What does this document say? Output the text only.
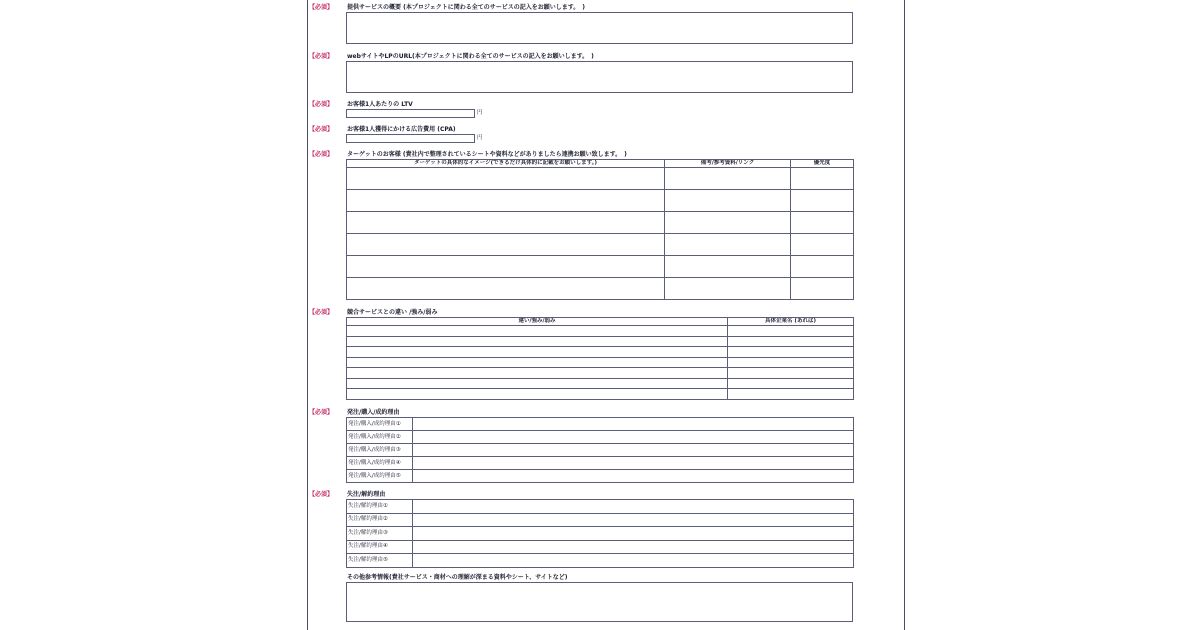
【必須】 提供サービスの概要 (本プロジェクトに関わる全てのサービスの記入をお願いします。　)
【必須】 webサイトやLPのURL(本プロジェクトに関わる全てのサービスの記入をお願いします。　)
【必須】 お客様1人あたりの LTV
円
【必須】 お客様1人獲得にかける広告費用 (CPA)
円
【必須】 ターゲットのお客様 (貴社内で整理されているシートや資料などがありましたら連携お願い致します。　)
ターゲットの具体的なイメージ(できるだけ具体的に記載をお願いします。)	備考/参考資料/リンク	優先度

【必須】 競合サービスとの違い /強み/弱み
違い/強み/弱み	具体企業名 (あれば)

【必須】 発注/購入/成約理由
発注/購入/成約理由①	
発注/購入/成約理由②	
発注/購入/成約理由③	
発注/購入/成約理由④	
発注/購入/成約理由⑤	
【必須】 失注/解約理由
失注/解約理由①	
失注/解約理由②	
失注/解約理由③	
失注/解約理由④	
失注/解約理由⑤	
その他参考情報(貴社サービス・商材への理解が深まる資料やシート、サイトなど)
